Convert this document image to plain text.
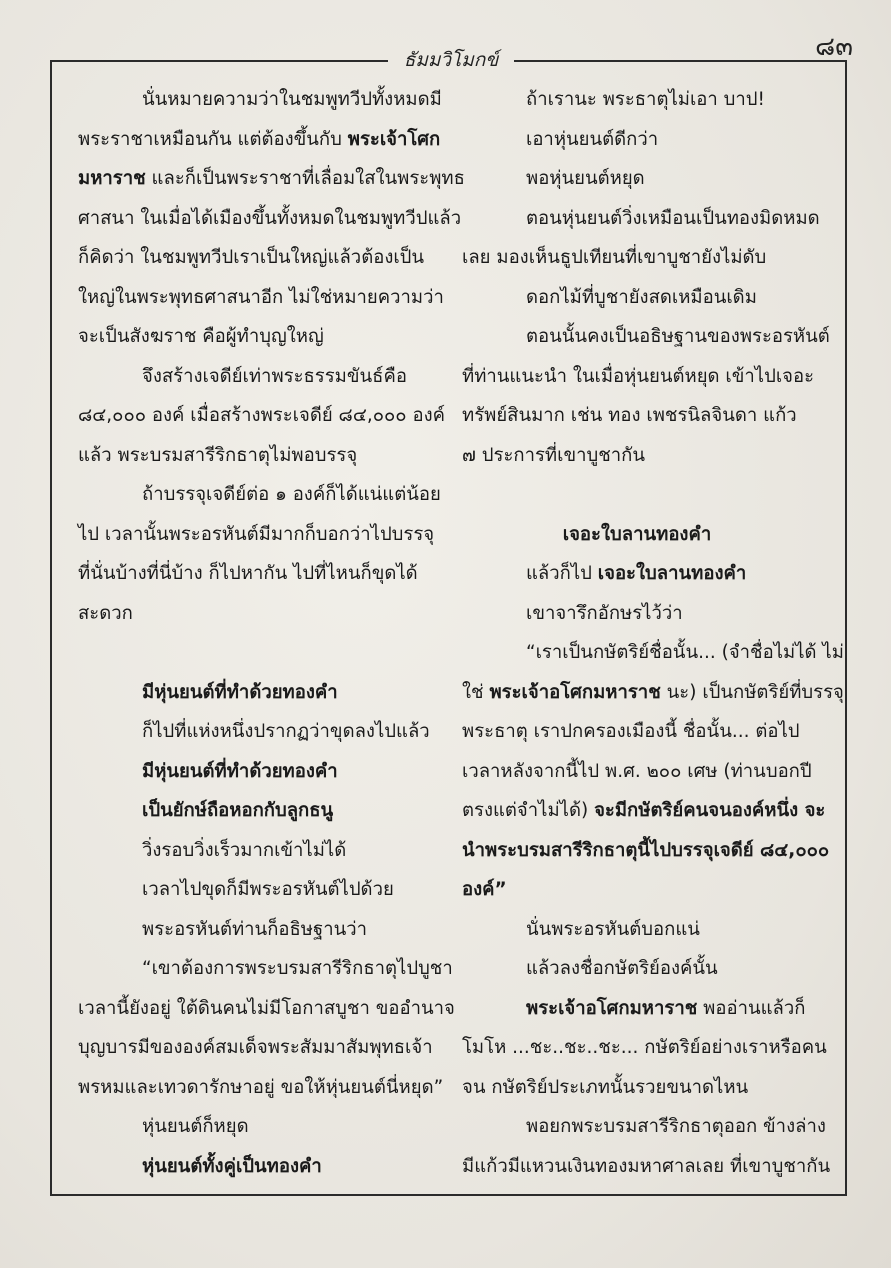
๘๓
ธัมมวิโมกข์
นั่นหมายความว่าในชมพูทวีปทั้งหมดมี
พระราชาเหมือนกัน แต่ต้องขึ้นกับ พระเจ้าโศก
มหาราช และก็เป็นพระราชาที่เลื่อมใสในพระพุทธ
ศาสนา ในเมื่อได้เมืองขึ้นทั้งหมดในชมพูทวีปแล้ว
ก็คิดว่า ในชมพูทวีปเราเป็นใหญ่แล้วต้องเป็น
ใหญ่ในพระพุทธศาสนาอีก ไม่ใช่หมายความว่า
จะเป็นสังฆราช คือผู้ทำบุญใหญ่
จึงสร้างเจดีย์เท่าพระธรรมขันธ์คือ
๘๔,๐๐๐ องค์ เมื่อสร้างพระเจดีย์ ๘๔,๐๐๐ องค์
แล้ว พระบรมสารีริกธาตุไม่พอบรรจุ
ถ้าบรรจุเจดีย์ต่อ ๑ องค์ก็ได้แน่แต่น้อย
ไป เวลานั้นพระอรหันต์มีมากก็บอกว่าไปบรรจุ
ที่นั่นบ้างที่นี่บ้าง ก็ไปหากัน ไปที่ไหนก็ขุดได้
สะดวก
มีหุ่นยนต์ที่ทำด้วยทองคำ
ก็ไปที่แห่งหนึ่งปรากฏว่าขุดลงไปแล้ว
มีหุ่นยนต์ที่ทำด้วยทองคำ
เป็นยักษ์ถือหอกกับลูกธนู
วิ่งรอบวิ่งเร็วมากเข้าไม่ได้
เวลาไปขุดก็มีพระอรหันต์ไปด้วย
พระอรหันต์ท่านก็อธิษฐานว่า
“เขาต้องการพระบรมสารีริกธาตุไปบูชา
เวลานี้ยังอยู่ ใต้ดินคนไม่มีโอกาสบูชา ขออำนาจ
บุญบารมีขององค์สมเด็จพระสัมมาสัมพุทธเจ้า
พรหมและเทวดารักษาอยู่ ขอให้หุ่นยนต์นี่หยุด”
หุ่นยนต์ก็หยุด
หุ่นยนต์ทั้งคู่เป็นทองคำ
ถ้าเรานะ พระธาตุไม่เอา บาป!
เอาหุ่นยนต์ดีกว่า
พอหุ่นยนต์หยุด
ตอนหุ่นยนต์วิ่งเหมือนเป็นทองมิดหมด
เลย มองเห็นธูปเทียนที่เขาบูชายังไม่ดับ
ดอกไม้ที่บูชายังสดเหมือนเดิม
ตอนนั้นคงเป็นอธิษฐานของพระอรหันต์
ที่ท่านแนะนำ ในเมื่อหุ่นยนต์หยุด เข้าไปเจอะ
ทรัพย์สินมาก เช่น ทอง เพชรนิลจินดา แก้ว
๗ ประการที่เขาบูชากัน
เจอะใบลานทองคำ
แล้วก็ไป เจอะใบลานทองคำ
เขาจารึกอักษรไว้ว่า
“เราเป็นกษัตริย์ชื่อนั้น... (จำชื่อไม่ได้ ไม่
ใช่ พระเจ้าอโศกมหาราช นะ) เป็นกษัตริย์ที่บรรจุ
พระธาตุ เราปกครองเมืองนี้ ชื่อนั้น... ต่อไป
เวลาหลังจากนี้ไป พ.ศ. ๒๐๐ เศษ (ท่านบอกปี
ตรงแต่จำไม่ได้) จะมีกษัตริย์คนจนองค์หนึ่ง จะ
นำพระบรมสารีริกธาตุนี้ไปบรรจุเจดีย์ ๘๔,๐๐๐
องค์”
นั่นพระอรหันต์บอกแน่
แล้วลงชื่อกษัตริย์องค์นั้น
พระเจ้าอโศกมหาราช พออ่านแล้วก็
โมโห ...ชะ..ชะ..ชะ... กษัตริย์อย่างเราหรือคน
จน กษัตริย์ประเภทนั้นรวยขนาดไหน
พอยกพระบรมสารีริกธาตุออก ข้างล่าง
มีแก้วมีแหวนเงินทองมหาศาลเลย ที่เขาบูชากัน
